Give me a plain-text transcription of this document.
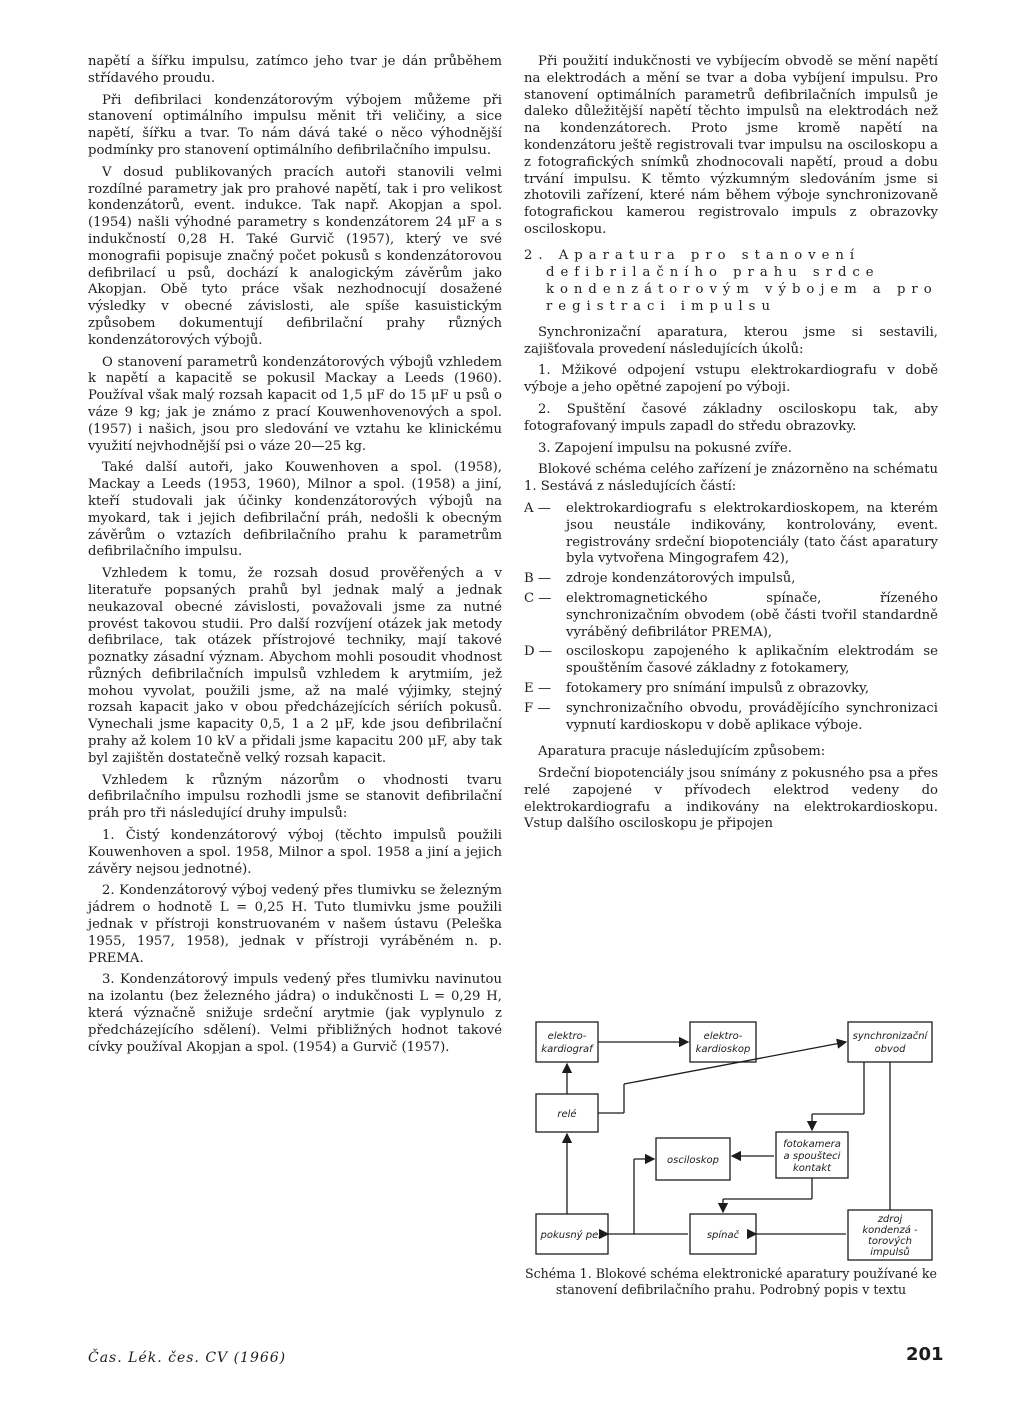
napětí a šířku impulsu, zatímco jeho tvar je dán průběhem střídavého proudu.

Při defibrilaci kondenzátorovým výbojem můžeme při stanovení optimálního impulsu měnit tři veličiny, a sice napětí, šířku a tvar. To nám dává také o něco výhodnější podmínky pro stanovení optimálního defibrilačního impulsu.

V dosud publikovaných pracích autoři stanovili velmi rozdílné parametry jak pro prahové napětí, tak i pro velikost kondenzátorů, event. indukce. Tak např. Akopjan a spol. (1954) našli výhodné parametry s kondenzátorem 24 μF a s indukčností 0,28 H. Také Gurvič (1957), který ve své monografii popisuje značný počet pokusů s kondenzátorovou defibrilací u psů, dochází k analogickým závěrům jako Akopjan. Obě tyto práce však nezhodnocují dosažené výsledky v obecné závislosti, ale spíše kasuistickým způsobem dokumentují defibrilační prahy různých kondenzátorových výbojů.

O stanovení parametrů kondenzátorových výbojů vzhledem k napětí a kapacitě se pokusil Mackay a Leeds (1960). Používal však malý rozsah kapacit od 1,5 μF do 15 μF u psů o váze 9 kg; jak je známo z prací Kouwenhovenových a spol. (1957) i našich, jsou pro sledování ve vztahu ke klinickému využití nejvhodnější psi o váze 20—25 kg.

Také další autoři, jako Kouwenhoven a spol. (1958), Mackay a Leeds (1953, 1960), Milnor a spol. (1958) a jiní, kteří studovali jak účinky kondenzátorových výbojů na myokard, tak i jejich defibrilační práh, nedošli k obecným závěrům o vztazích defibrilačního prahu k parametrům defibrilačního impulsu.

Vzhledem k tomu, že rozsah dosud prověřených a v literatuře popsaných prahů byl jednak malý a jednak neukazoval obecné závislosti, považovali jsme za nutné provést takovou studii. Pro další rozvíjení otázek jak metody defibrilace, tak otázek přístrojové techniky, mají takové poznatky zásadní význam. Abychom mohli posoudit vhodnost různých defibrilačních impulsů vzhledem k arytmiím, jež mohou vyvolat, použili jsme, až na malé výjimky, stejný rozsah kapacit jako v obou předcházejících sériích pokusů. Vynechali jsme kapacity 0,5, 1 a 2 μF, kde jsou defibrilační prahy až kolem 10 kV a přidali jsme kapacitu 200 μF, aby tak byl zajištěn dostatečně velký rozsah kapacit.

Vzhledem k různým názorům o vhodnosti tvaru defibrilačního impulsu rozhodli jsme se stanovit defibrilační práh pro tři následující druhy impulsů:

1. Čistý kondenzátorový výboj (těchto impulsů použili Kouwenhoven a spol. 1958, Milnor a spol. 1958 a jiní a jejich závěry nejsou jednotné).

2. Kondenzátorový výboj vedený přes tlumivku se železným jádrem o hodnotě L = 0,25 H. Tuto tlumivku jsme použili jednak v přístroji konstruovaném v našem ústavu (Peleška 1955, 1957, 1958), jednak v přístroji vyráběném n. p. PREMA.

3. Kondenzátorový impuls vedený přes tlumivku navinutou na izolantu (bez železného jádra) o indukčnosti L = 0,29 H, která význačně snižuje srdeční arytmie (jak vyplynulo z předcházejícího sdělení). Velmi přibližných hodnot takové cívky používal Akopjan a spol. (1954) a Gurvič (1957).

Při použití indukčnosti ve vybíjecím obvodě se mění napětí na elektrodách a mění se tvar a doba vybíjení impulsu. Pro stanovení optimálních parametrů defibrilačních impulsů je daleko důležitější napětí těchto impulsů na elektrodách než na kondenzátorech. Proto jsme kromě napětí na kondenzátoru ještě registrovali tvar impulsu na osciloskopu a z fotografických snímků zhodnocovali napětí, proud a dobu trvání impulsu. K těmto výzkumným sledováním jsme si zhotovili zařízení, které nám během výboje synchronizovaně fotografickou kamerou registrovalo impuls z obrazovky osciloskopu.

2. Aparatura pro stanovení defibrilačního prahu srdce kondenzátorovým výbojem a pro registraci impulsu

Synchronizační aparatura, kterou jsme si sestavili, zajišťovala provedení následujících úkolů:

1. Mžikové odpojení vstupu elektrokardiografu v době výboje a jeho opětné zapojení po výboji.

2. Spuštění časové základny osciloskopu tak, aby fotografovaný impuls zapadl do středu obrazovky.

3. Zapojení impulsu na pokusné zvíře.

Blokové schéma celého zařízení je znázorněno na schématu 1. Sestává z následujících částí:

A —	elektrokardiografu s elektrokardioskopem, na kterém jsou neustále indikovány, kontrolovány, event. registrovány srdeční biopotenciály (tato část aparatury byla vytvořena Mingografem 42),
B —	zdroje kondenzátorových impulsů,
C —	elektromagnetického spínače, řízeného synchronizačním obvodem (obě části tvořil standardně vyráběný defibrilátor PREMA),
D —	osciloskopu zapojeného k aplikačním elektrodám se spouštěním časové základny z fotokamery,
E —	fotokamery pro snímání impulsů z obrazovky,
F —	synchronizačního obvodu, provádějícího synchronizaci vypnutí kardioskopu v době aplikace výboje.

Aparatura pracuje následujícím způsobem:

Srdeční biopotenciály jsou snímány z pokusného psa a přes relé zapojené v přívodech elektrod vedeny do elektrokardiografu a indikovány na elektrokardioskopu. Vstup dalšího osciloskopu je připojen

elektro-
kardiograf
elektro-
kardioskop
synchronizační
obvod
relé
osciloskop
fotokamera
a spoušteci
kontakt
pokusný pes	spínač
zdroj
kondenzá -
torových
impulsů
Schéma 1. Blokové schéma elektronické aparatury používané ke stanovení defibrilačního prahu. Podrobný popis v textu
Čas. Lék. čes. CV (1966)	201
